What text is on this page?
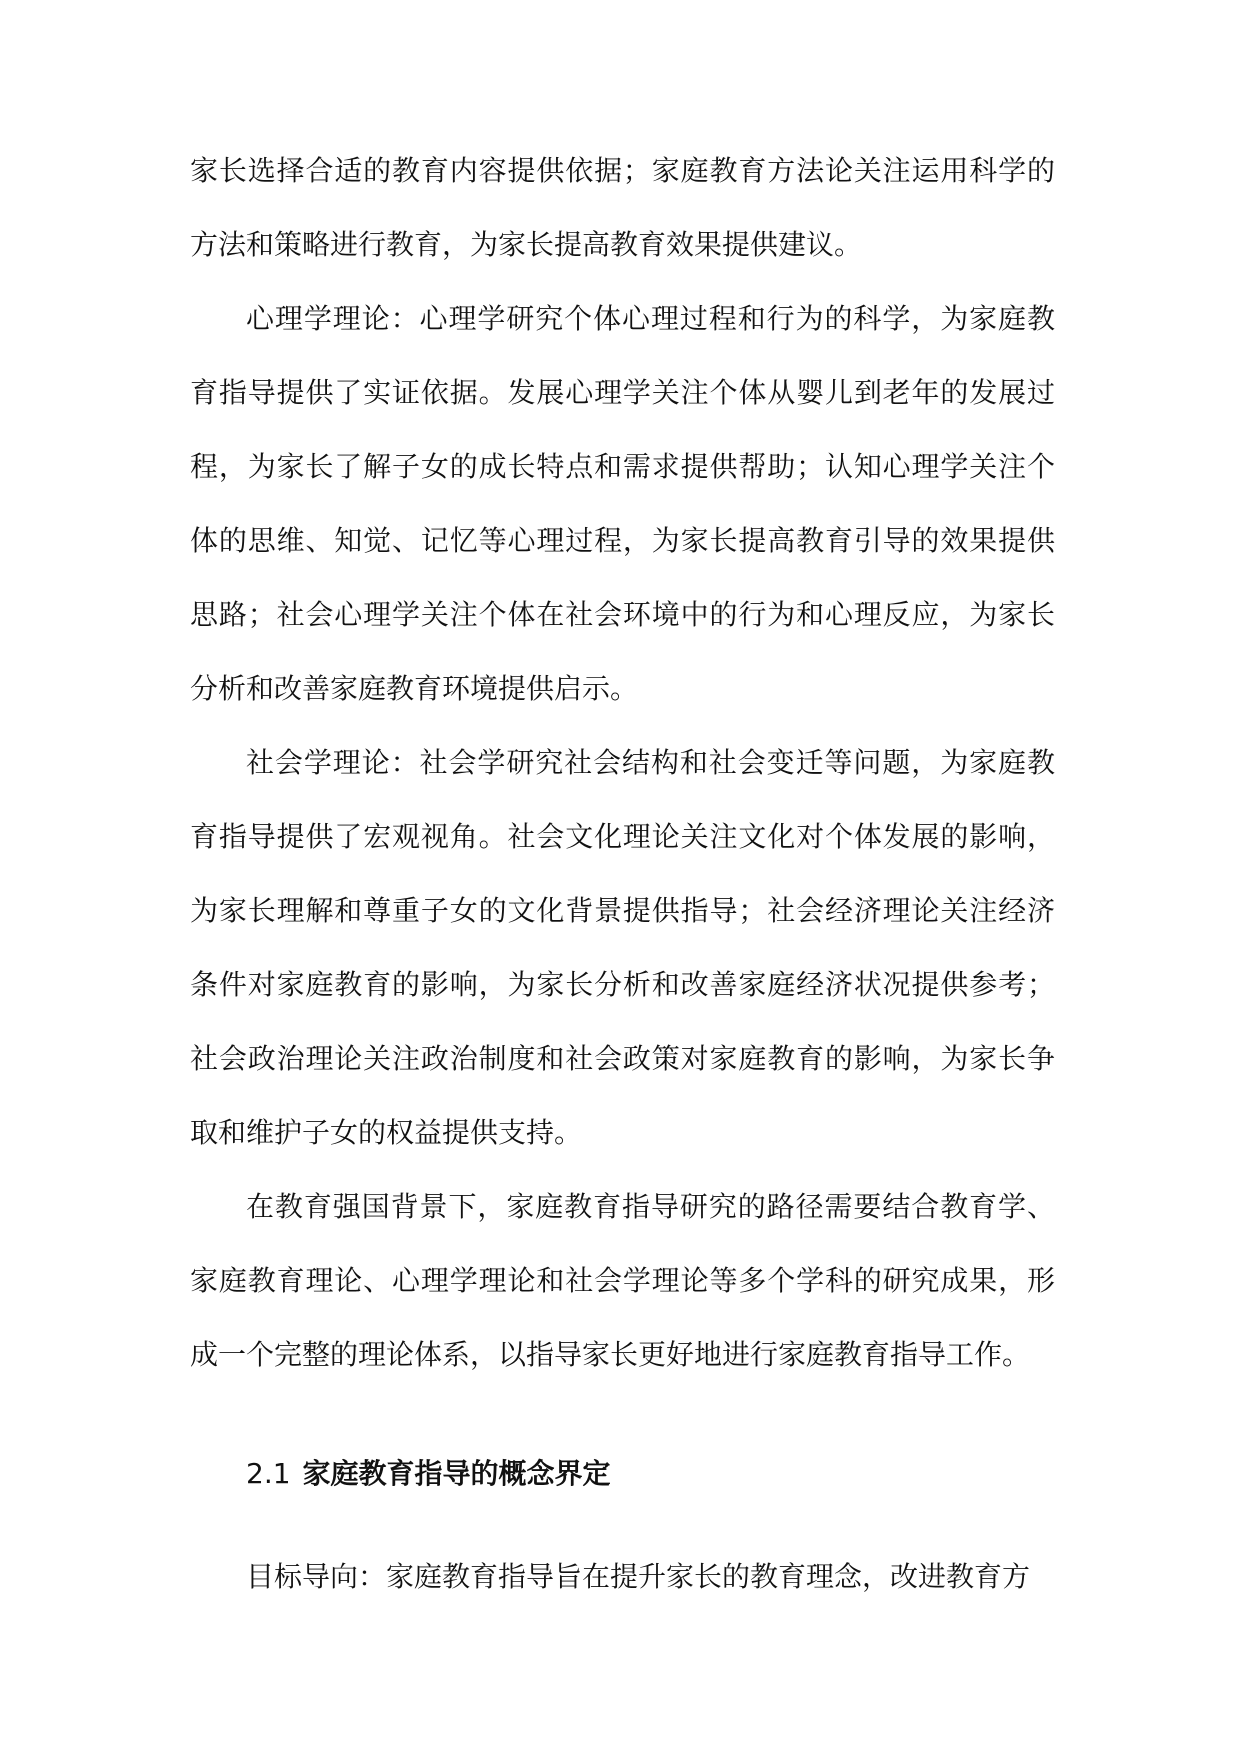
家长选择合适的教育内容提供依据；家庭教育方法论关注运用科学的方法和策略进行教育，为家长提高教育效果提供建议。

心理学理论：心理学研究个体心理过程和行为的科学，为家庭教育指导提供了实证依据。发展心理学关注个体从婴儿到老年的发展过程，为家长了解子女的成长特点和需求提供帮助；认知心理学关注个体的思维、知觉、记忆等心理过程，为家长提高教育引导的效果提供思路；社会心理学关注个体在社会环境中的行为和心理反应，为家长分析和改善家庭教育环境提供启示。

社会学理论：社会学研究社会结构和社会变迁等问题，为家庭教育指导提供了宏观视角。社会文化理论关注文化对个体发展的影响，为家长理解和尊重子女的文化背景提供指导；社会经济理论关注经济条件对家庭教育的影响，为家长分析和改善家庭经济状况提供参考；社会政治理论关注政治制度和社会政策对家庭教育的影响，为家长争取和维护子女的权益提供支持。

在教育强国背景下，家庭教育指导研究的路径需要结合教育学、家庭教育理论、心理学理论和社会学理论等多个学科的研究成果，形成一个完整的理论体系，以指导家长更好地进行家庭教育指导工作。

2.1 家庭教育指导的概念界定

目标导向：家庭教育指导旨在提升家长的教育理念，改进教育方
